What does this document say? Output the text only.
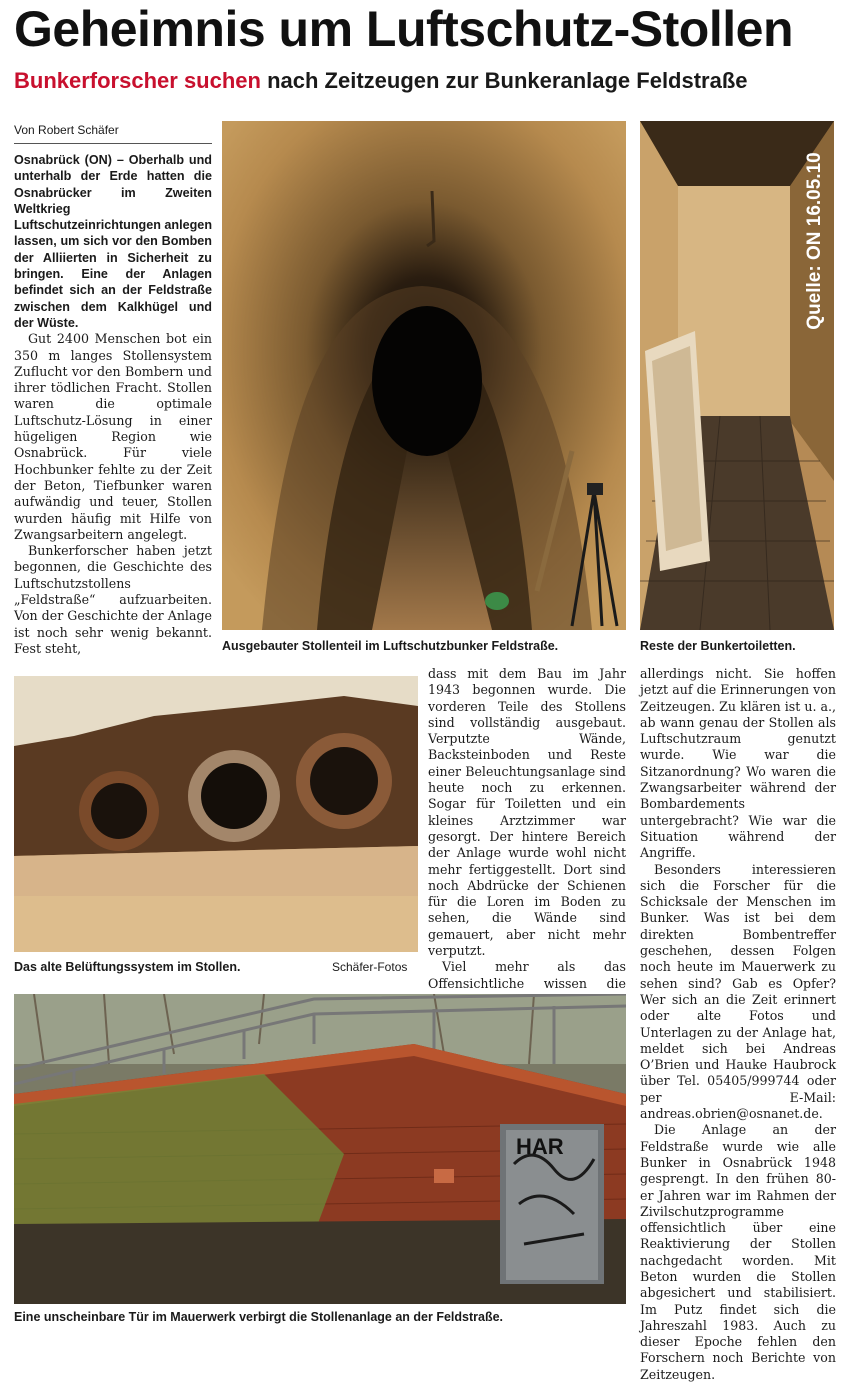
Geheimnis um Luftschutz-Stollen
Bunkerforscher suchen nach Zeitzeugen zur Bunkeranlage Feldstraße
Von Robert Schäfer

Osnabrück (ON) – Oberhalb und unterhalb der Erde hatten die Osnabrücker im Zweiten Weltkrieg Luftschutzeinrichtungen anlegen lassen, um sich vor den Bomben der Alliierten in Sicherheit zu bringen. Eine der Anlagen befindet sich an der Feldstraße zwischen dem Kalkhügel und der Wüste.

Gut 2400 Menschen bot ein 350 m langes Stollensystem Zuflucht vor den Bombern und ihrer tödlichen Fracht. Stollen waren die optimale Luftschutz-Lösung in einer hügeligen Region wie Osnabrück. Für viele Hochbunker fehlte zu der Zeit der Beton, Tiefbunker waren aufwändig und teuer, Stollen wurden häufig mit Hilfe von Zwangsarbeitern angelegt.

Bunkerforscher haben jetzt begonnen, die Geschichte des Luftschutzstollens „Feldstraße“ aufzuarbeiten. Von der Geschichte der Anlage ist noch sehr wenig bekannt. Fest steht,	Ausgebauter Stollenteil im Luftschutzbunker Feldstraße.	Reste der Bunkertoiletten.
Quelle: ON 16.05.10
Das alte Belüftungssystem im Stollen.	Schäfer-Fotos

dass mit dem Bau im Jahr 1943 begonnen wurde. Die vorderen Teile des Stollens sind vollständig ausgebaut. Verputzte Wände, Backsteinboden und Reste einer Beleuchtungsanlage sind heute noch zu erkennen. Sogar für Toiletten und ein kleines Arztzimmer war gesorgt. Der hintere Bereich der Anlage wurde wohl nicht mehr fertiggestellt. Dort sind noch Abdrücke der Schienen für die Loren im Boden zu sehen, die Wände sind gemauert, aber nicht mehr verputzt.

Viel mehr als das Offensichtliche wissen die

allerdings nicht. Sie hoffen jetzt auf die Erinnerungen von Zeitzeugen. Zu klären ist u. a., ab wann genau der Stollen als Luftschutzraum genutzt wurde. Wie war die Sitzanordnung? Wo waren die Zwangsarbeiter während der Bombardements untergebracht? Wie war die Situation während der Angriffe.

Besonders interessieren sich die Forscher für die Schicksale der Menschen im Bunker. Was ist bei dem direkten Bombentreffer geschehen, dessen Folgen noch heute im Mauerwerk zu sehen sind? Gab es Opfer? Wer sich an die Zeit erinnert oder alte Fotos und Unterlagen zu der Anlage hat, meldet sich bei Andreas O’Brien und Hauke Haubrock über Tel. 05405/999744 oder per E-Mail: andreas.obrien@osnanet.de.

Die Anlage an der Feldstraße wurde wie alle Bunker in Osnabrück 1948 gesprengt. In den frühen 80-er Jahren war im Rahmen der Zivilschutzprogramme offensichtlich über eine Reaktivierung der Stollen nachgedacht worden. Mit Beton wurden die Stollen abgesichert und stabilisiert. Im Putz findet sich die Jahreszahl 1983. Auch zu dieser Epoche fehlen den Forschern noch Berichte von Zeitzeugen.

HAR
Eine unscheinbare Tür im Mauerwerk verbirgt die Stollenanlage an der Feldstraße.
